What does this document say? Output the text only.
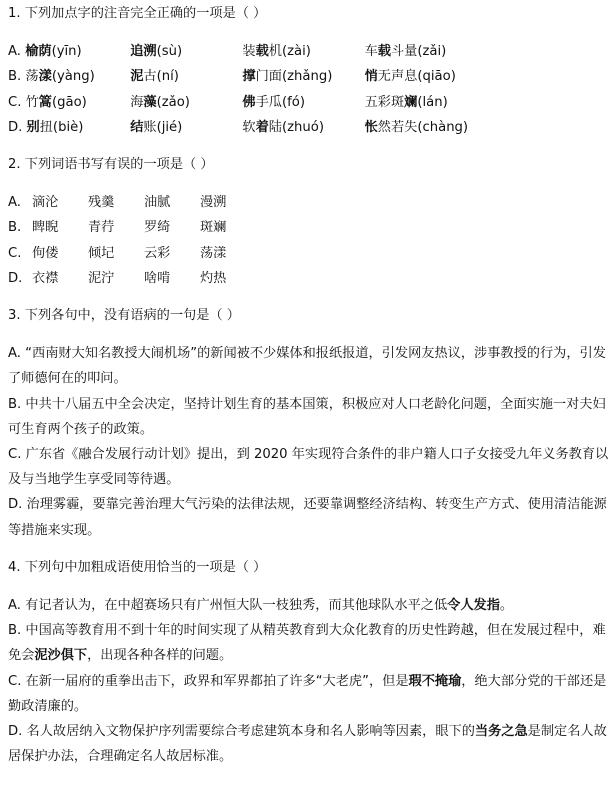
1. 下列加点字的注音完全正确的一项是（ ）
A. 榆荫(yīn)	追溯(sù)	装载机(zài)	车载斗量(zǎi)
B. 荡漾(yàng)	泥古(ní)	撑门面(zhǎng) 悄无声息(qiāo)
C. 竹篙(gāo)	海藻(zǎo)	佛手瓜(fó)	五彩斑斓(lán)
D. 别扭(biè)	结账(jié)	软着陆(zhuó)	怅然若失(chàng)
2. 下列词语书写有误的一项是（ ）
A. 滴沦 残羹 油腻 漫溯
B. 睥睨 青荇 罗绮 斑斓
C. 佝偻 倾圮 云彩 荡漾
D. 衣襟 泥泞 啥啃 灼热
3. 下列各句中，没有语病的一句是（ ）
A. “西南财大知名教授大闹机场”的新闻被不少媒体和报纸报道，引发网友热议，涉事教授的行为，引发了师德何在的叩问。
B. 中共十八届五中全会决定，坚持计划生育的基本国策，积极应对人口老龄化问题，全面实施一对夫妇可生育两个孩子的政策。
C. 广东省《融合发展行动计划》提出，到 2020 年实现符合条件的非户籍人口子女接受九年义务教育以及与当地学生享受同等待遇。
D. 治理雾霾，要靠完善治理大气污染的法律法规，还要靠调整经济结构、转变生产方式、使用清洁能源等措施来实现。
4. 下列句中加粗成语使用恰当的一项是（ ）
A. 有记者认为，在中超赛场只有广州恒大队一枝独秀，而其他球队水平之低令人发指。
B. 中国高等教育用不到十年的时间实现了从精英教育到大众化教育的历史性跨越，但在发展过程中，难免会泥沙俱下，出现各种各样的问题。
C. 在新一届府的重拳出击下，政界和军界都拍了许多“大老虎”，但是瑕不掩瑜，绝大部分党的干部还是勤政清廉的。
D. 名人故居纳入文物保护序列需要综合考虑建筑本身和名人影响等因素，眼下的当务之急是制定名人故居保护办法，合理确定名人故居标准。
